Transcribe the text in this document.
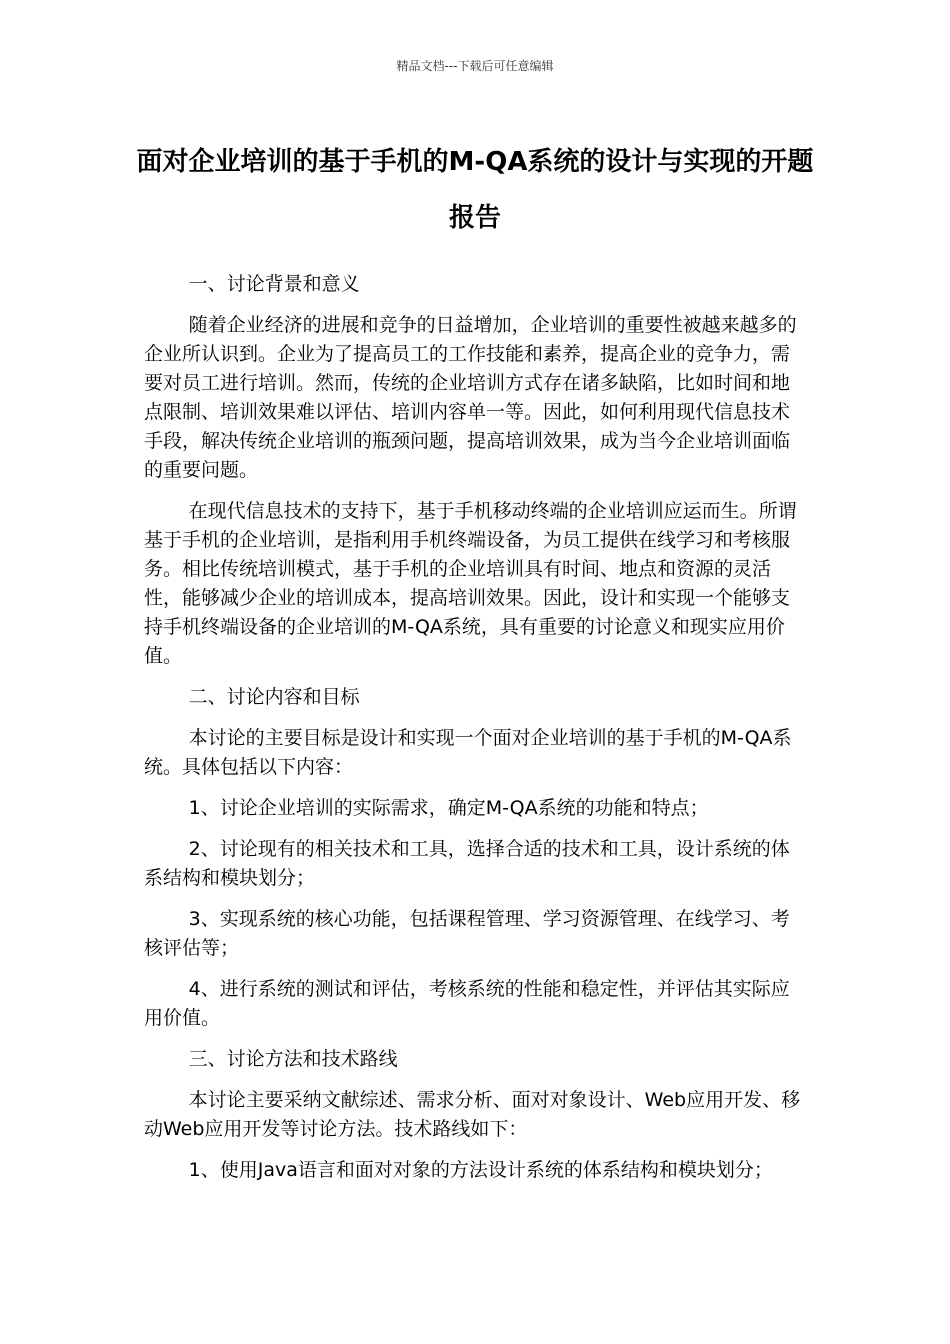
精品文档---下载后可任意编辑
面对企业培训的基于手机的M-QA系统的设计与实现的开题报告

一、讨论背景和意义

随着企业经济的进展和竞争的日益增加，企业培训的重要性被越来越多的企业所认识到。企业为了提高员工的工作技能和素养，提高企业的竞争力，需要对员工进行培训。然而，传统的企业培训方式存在诸多缺陷，比如时间和地点限制、培训效果难以评估、培训内容单一等。因此，如何利用现代信息技术手段，解决传统企业培训的瓶颈问题，提高培训效果，成为当今企业培训面临的重要问题。

在现代信息技术的支持下，基于手机移动终端的企业培训应运而生。所谓基于手机的企业培训，是指利用手机终端设备，为员工提供在线学习和考核服务。相比传统培训模式，基于手机的企业培训具有时间、地点和资源的灵活性，能够减少企业的培训成本，提高培训效果。因此，设计和实现一个能够支持手机终端设备的企业培训的M-QA系统，具有重要的讨论意义和现实应用价值。

二、讨论内容和目标

本讨论的主要目标是设计和实现一个面对企业培训的基于手机的M-QA系统。具体包括以下内容：

1、讨论企业培训的实际需求，确定M-QA系统的功能和特点；

2、讨论现有的相关技术和工具，选择合适的技术和工具，设计系统的体系结构和模块划分；

3、实现系统的核心功能，包括课程管理、学习资源管理、在线学习、考核评估等；

4、进行系统的测试和评估，考核系统的性能和稳定性，并评估其实际应用价值。

三、讨论方法和技术路线

本讨论主要采纳文献综述、需求分析、面对对象设计、Web应用开发、移动Web应用开发等讨论方法。技术路线如下：

1、使用Java语言和面对对象的方法设计系统的体系结构和模块划分；
